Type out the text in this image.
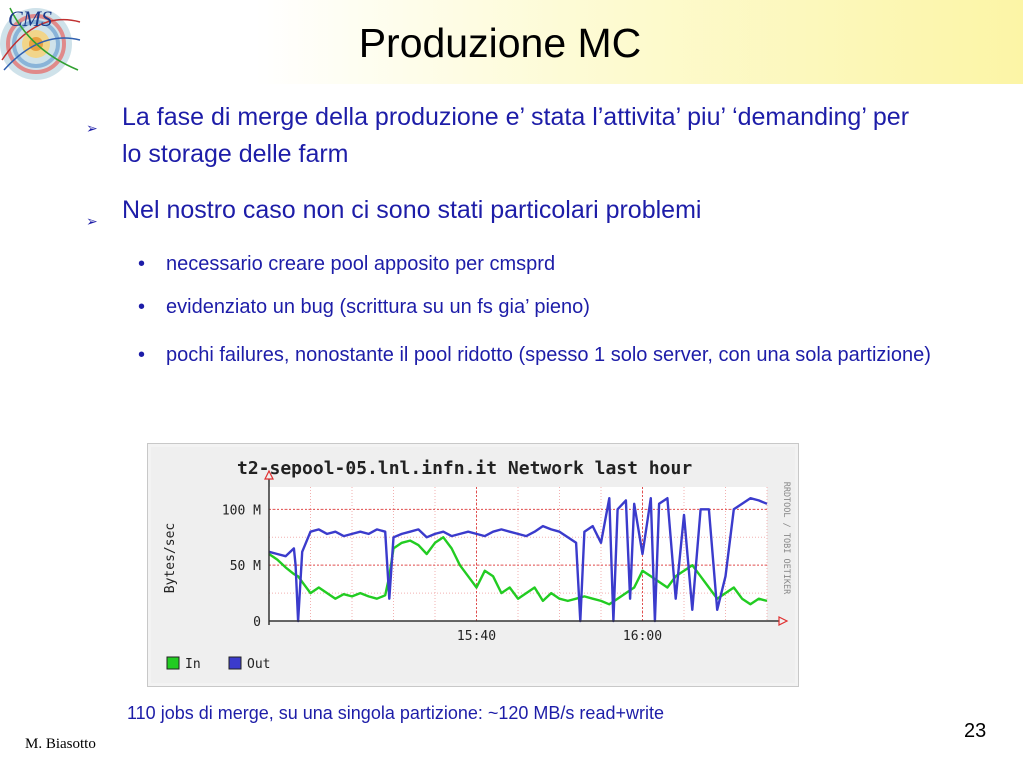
CMS
Produzione MC
➢ La fase di merge della produzione e’ stata l’attivita’ piu’ ‘demanding’ per lo storage delle farm
➢ Nel nostro caso non ci sono stati particolari problemi
• necessario creare pool apposito per cmsprd
• evidenziato un bug (scrittura su un fs gia’ pieno)
• pochi failures, nonostante il pool ridotto (spesso 1 solo server, con una sola partizione)
t2-sepool-05.lnl.infn.it Network last hour
Bytes/sec	RRDTOOL / TOBI OETIKER
0
50 M
100 M
15:40	16:00
In	Out
110 jobs di merge, su una singola partizione: ~120 MB/s read+write
23
M. Biasotto
